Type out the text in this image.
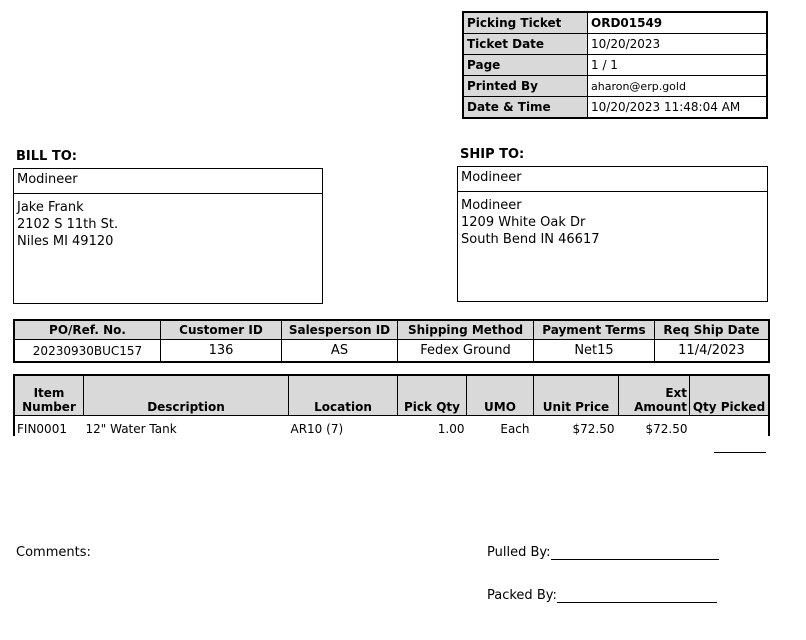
Picking Ticket	ORD01549
Ticket Date	10/20/2023
Page	1 / 1
Printed By	aharon@erp.gold
Date & Time	10/20/2023 11:48:04 AM
BILL TO:
Modineer
Jake Frank
2102 S 11th St.
Niles MI 49120
SHIP TO:
Modineer
Modineer
1209 White Oak Dr
South Bend IN 46617
PO/Ref. No.	Customer ID	Salesperson ID	Shipping Method	Payment Terms	Req Ship Date
20230930BUC157	136	AS	Fedex Ground	Net15	11/4/2023
Item Number	Description	Location	Pick Qty	UMO	Unit Price	Ext Amount	Qty Picked
FIN0001	12" Water Tank	AR10 (7)	1.00	Each	$72.50	$72.50	
Comments:	Pulled By:
Packed By:
